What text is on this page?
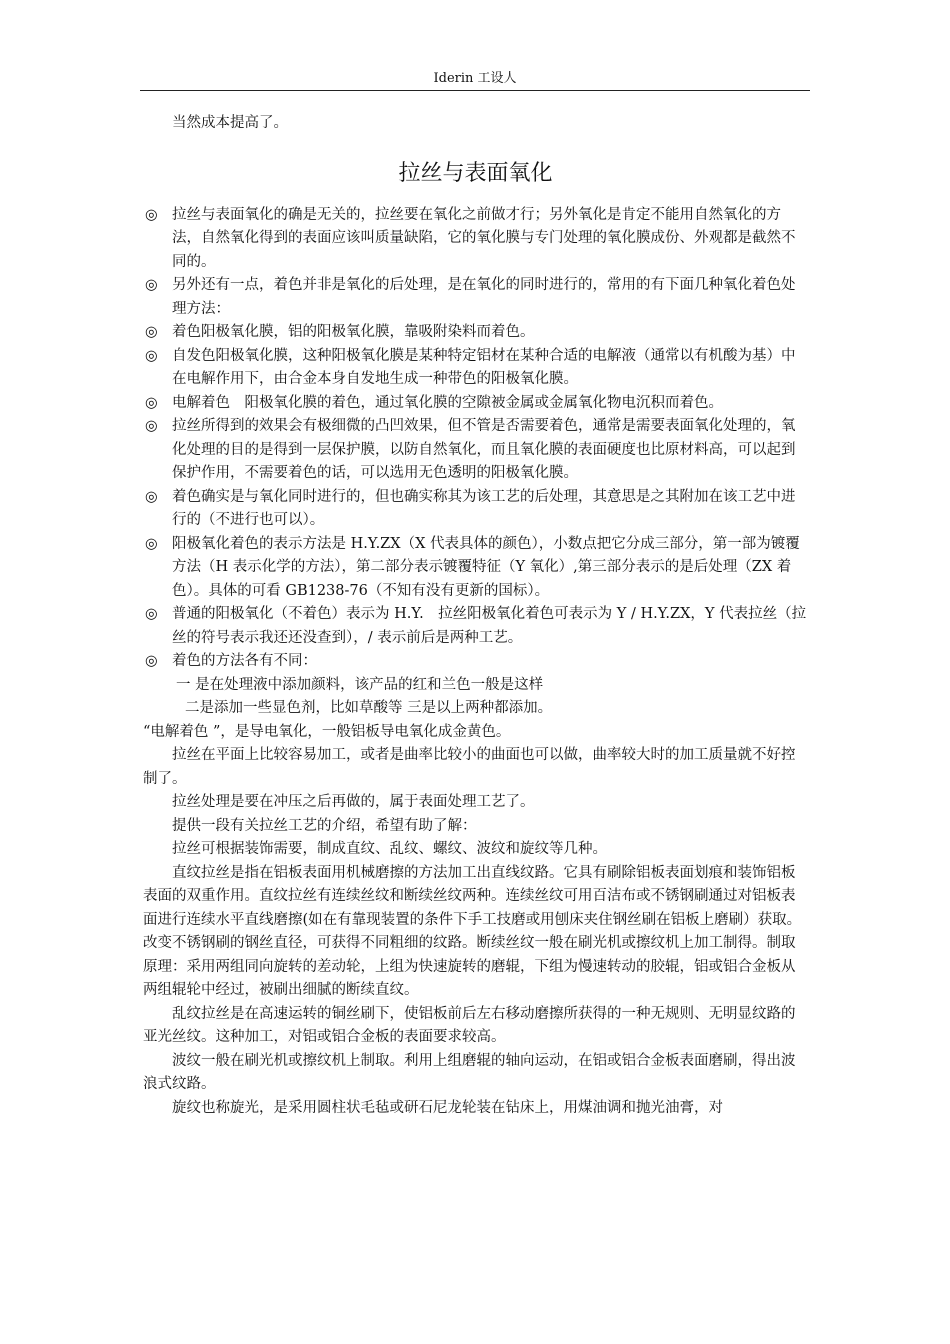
Iderin 工设人

当然成本提高了。

拉丝与表面氧化

◎ 拉丝与表面氧化的确是无关的，拉丝要在氧化之前做才行；另外氧化是肯定不能用自然氧化的方法，自然氧化得到的表面应该叫质量缺陷，它的氧化膜与专门处理的氧化膜成份、外观都是截然不同的。

◎ 另外还有一点，着色并非是氧化的后处理，是在氧化的同时进行的，常用的有下面几种氧化着色处理方法：

◎ 着色阳极氧化膜，铝的阳极氧化膜，靠吸附染料而着色。

◎ 自发色阳极氧化膜，这种阳极氧化膜是某种特定铝材在某种合适的电解液（通常以有机酸为基）中在电解作用下，由合金本身自发地生成一种带色的阳极氧化膜。

◎ 电解着色　阳极氧化膜的着色，通过氧化膜的空隙被金属或金属氧化物电沉积而着色。

◎ 拉丝所得到的效果会有极细微的凸凹效果，但不管是否需要着色，通常是需要表面氧化处理的，氧化处理的目的是得到一层保护膜，以防自然氧化，而且氧化膜的表面硬度也比原材料高，可以起到保护作用，不需要着色的话，可以选用无色透明的阳极氧化膜。

◎ 着色确实是与氧化同时进行的，但也确实称其为该工艺的后处理，其意思是之其附加在该工艺中进行的（不进行也可以）。

◎ 阳极氧化着色的表示方法是 H.Y.ZX（X 代表具体的颜色），小数点把它分成三部分，第一部为镀覆方法（H 表示化学的方法），第二部分表示镀覆特征（Y 氧化）,第三部分表示的是后处理（ZX 着色）。具体的可看 GB1238-76（不知有没有更新的国标）。

◎ 普通的阳极氧化（不着色）表示为 H.Y.　拉丝阳极氧化着色可表示为 Y / H.Y.ZX，Y 代表拉丝（拉丝的符号表示我还还没查到），/ 表示前后是两种工艺。

◎ 着色的方法各有不同：

一 是在处理液中添加颜料，该产品的红和兰色一般是这样

二是添加一些显色剂，比如草酸等 三是以上两种都添加。

“电解着色 ”，是导电氧化，一般铝板导电氧化成金黄色。

拉丝在平面上比较容易加工，或者是曲率比较小的曲面也可以做，曲率较大时的加工质量就不好控制了。

拉丝处理是要在冲压之后再做的，属于表面处理工艺了。

提供一段有关拉丝工艺的介绍，希望有助了解：

拉丝可根据装饰需要，制成直纹、乱纹、螺纹、波纹和旋纹等几种。

直纹拉丝是指在铝板表面用机械磨擦的方法加工出直线纹路。它具有刷除铝板表面划痕和装饰铝板表面的双重作用。直纹拉丝有连续丝纹和断续丝纹两种。连续丝纹可用百洁布或不锈钢刷通过对铝板表面进行连续水平直线磨擦(如在有靠现装置的条件下手工技磨或用刨床夹住钢丝刷在铝板上磨刷）获取。改变不锈钢刷的钢丝直径，可获得不同粗细的纹路。断续丝纹一般在刷光机或擦纹机上加工制得。制取原理：采用两组同向旋转的差动轮，上组为快速旋转的磨辊，下组为慢速转动的胶辊，铝或铝合金板从两组辊轮中经过，被刷出细腻的断续直纹。

乱纹拉丝是在高速运转的铜丝刷下，使铝板前后左右移动磨擦所获得的一种无规则、无明显纹路的亚光丝纹。这种加工，对铝或铝合金板的表面要求较高。

波纹一般在刷光机或擦纹机上制取。利用上组磨辊的轴向运动，在铝或铝合金板表面磨刷，得出波浪式纹路。

旋纹也称旋光，是采用圆柱状毛毡或研石尼龙轮装在钻床上，用煤油调和抛光油膏，对
